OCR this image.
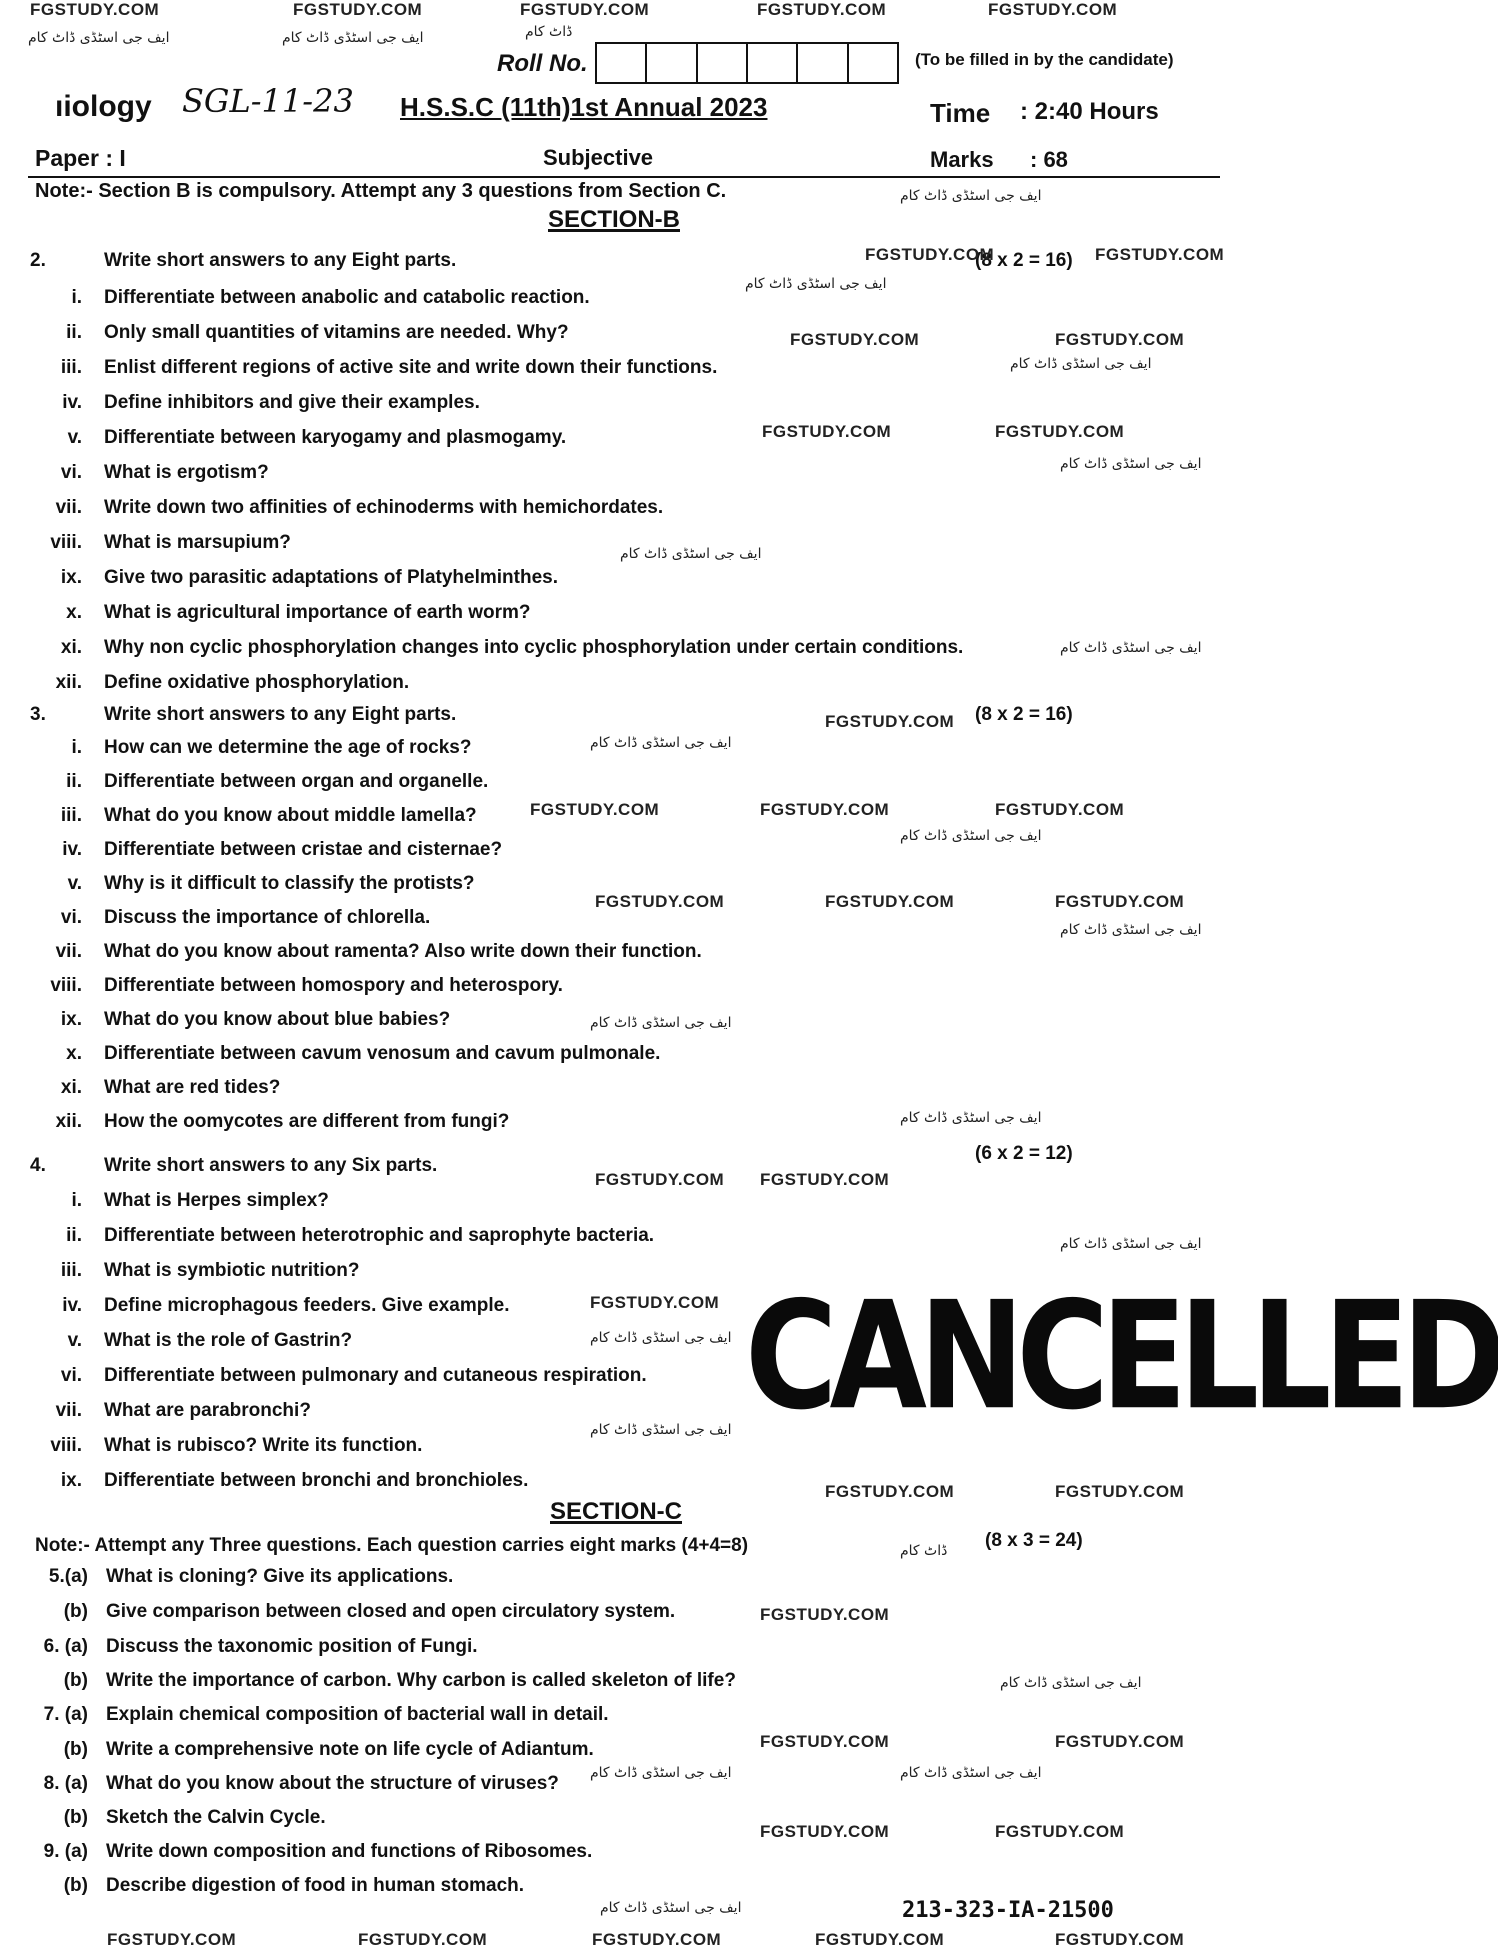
FGSTUDY.COM	FGSTUDY.COM	FGSTUDY.COM	FGSTUDY.COM	FGSTUDY.COM
ایف جی اسٹڈی ڈاٹ کام	ایف جی اسٹڈی ڈاٹ کام	ڈاٹ کام
Roll No.	(To be filled in by the candidate)
ıiology SGL-11-23 H.S.S.C (11th)1st Annual 2023	Time : 2:40 Hours
Paper : I	Subjective	Marks : 68
Note:- Section B is compulsory. Attempt any 3 questions from Section C.	ایف جی اسٹڈی ڈاٹ کام
SECTION-B
2.	Write short answers to any Eight parts.	(8 x 2 = 16)
i. Differentiate between anabolic and catabolic reaction.
ii. Only small quantities of vitamins are needed. Why?
iii. Enlist different regions of active site and write down their functions.
iv. Define inhibitors and give their examples.
v. Differentiate between karyogamy and plasmogamy.
vi. What is ergotism?
vii. Write down two affinities of echinoderms with hemichordates.
viii. What is marsupium?
ix. Give two parasitic adaptations of Platyhelminthes.
x. What is agricultural importance of earth worm?
xi. Why non cyclic phosphorylation changes into cyclic phosphorylation under certain conditions.
xii. Define oxidative phosphorylation.
3.	Write short answers to any Eight parts.	(8 x 2 = 16)
i. How can we determine the age of rocks?
ii. Differentiate between organ and organelle.
iii. What do you know about middle lamella?
iv. Differentiate between cristae and cisternae?
v. Why is it difficult to classify the protists?
vi. Discuss the importance of chlorella.
vii. What do you know about ramenta? Also write down their function.
viii. Differentiate between homospory and heterospory.
ix. What do you know about blue babies?
x. Differentiate between cavum venosum and cavum pulmonale.
xi. What are red tides?
xii. How the oomycotes are different from fungi?
(6 x 2 = 12)
4.	Write short answers to any Six parts.
i. What is Herpes simplex?
ii. Differentiate between heterotrophic and saprophyte bacteria.
iii. What is symbiotic nutrition?
iv. Define microphagous feeders. Give example.
v. What is the role of Gastrin?
vi. Differentiate between pulmonary and cutaneous respiration.
vii. What are parabronchi?
viii. What is rubisco? Write its function.
ix. Differentiate between bronchi and bronchioles.
CANCELLED
SECTION-C
Note:- Attempt any Three questions. Each question carries eight marks (4+4=8)	(8 x 3 = 24)
5.(a) What is cloning? Give its applications.
(b) Give comparison between closed and open circulatory system.
6. (a) Discuss the taxonomic position of Fungi.
(b) Write the importance of carbon. Why carbon is called skeleton of life?
7. (a) Explain chemical composition of bacterial wall in detail.
(b) Write a comprehensive note on life cycle of Adiantum.
8. (a) What do you know about the structure of viruses?
(b) Sketch the Calvin Cycle.
9. (a) Write down composition and functions of Ribosomes.
(b) Describe digestion of food in human stomach.
213-323-IA-21500
FGSTUDY.COM	FGSTUDY.COM	FGSTUDY.COM	FGSTUDY.COM	FGSTUDY.COM
FGSTUDY.COM	FGSTUDY.COM
FGSTUDY.COM	FGSTUDY.COM
FGSTUDY.COM	FGSTUDY.COM
FGSTUDY.COM
FGSTUDY.COM	FGSTUDY.COM	FGSTUDY.COM
FGSTUDY.COM	FGSTUDY.COM	FGSTUDY.COM
FGSTUDY.COM FGSTUDY.COM
FGSTUDY.COM
FGSTUDY.COM	FGSTUDY.COM
FGSTUDY.COM
FGSTUDY.COM	FGSTUDY.COM
FGSTUDY.COM	FGSTUDY.COM
ایف جی اسٹڈی ڈاٹ کام
ایف جی اسٹڈی ڈاٹ کام
ایف جی اسٹڈی ڈاٹ کام
ایف جی اسٹڈی ڈاٹ کام
ایف جی اسٹڈی ڈاٹ کام
ایف جی اسٹڈی ڈاٹ کام
ایف جی اسٹڈی ڈاٹ کام
ایف جی اسٹڈی ڈاٹ کام
ایف جی اسٹڈی ڈاٹ کام
ایف جی اسٹڈی ڈاٹ کام
ایف جی اسٹڈی ڈاٹ کام
ایف جی اسٹڈی ڈاٹ کام
ایف جی اسٹڈی ڈاٹ کام
ڈاٹ کام
ایف جی اسٹڈی ڈاٹ کام
ایف جی اسٹڈی ڈاٹ کام	ایف جی اسٹڈی ڈاٹ کام
ایف جی اسٹڈی ڈاٹ کام
